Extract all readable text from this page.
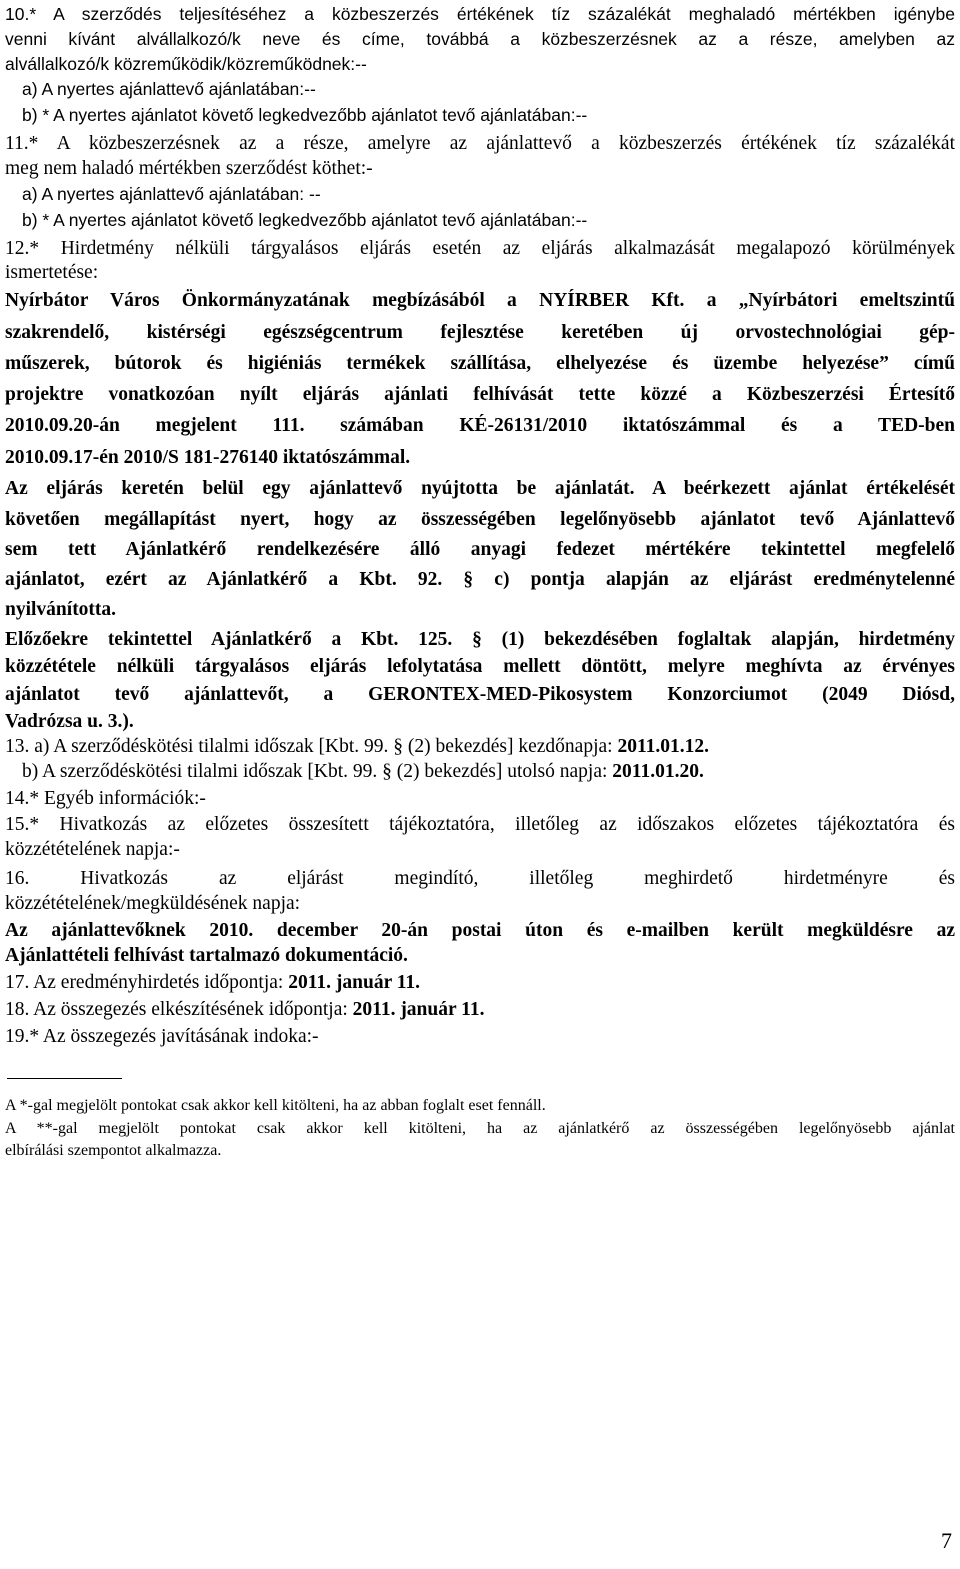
10.* A szerződés teljesítéséhez a közbeszerzés értékének tíz százalékát meghaladó mértékben igénybe
venni kívánt alvállalkozó/k neve és címe, továbbá a közbeszerzésnek az a része, amelyben az
alvállalkozó/k közreműködik/közreműködnek:--
a) A nyertes ajánlattevő ajánlatában:--
b) * A nyertes ajánlatot követő legkedvezőbb ajánlatot tevő ajánlatában:--
11.* A közbeszerzésnek az a része, amelyre az ajánlattevő a közbeszerzés értékének tíz százalékát
meg nem haladó mértékben szerződést köthet:-
a) A nyertes ajánlattevő ajánlatában: --
b) * A nyertes ajánlatot követő legkedvezőbb ajánlatot tevő ajánlatában:--
12.* Hirdetmény nélküli tárgyalásos eljárás esetén az eljárás alkalmazását megalapozó körülmények
ismertetése:
Nyírbátor Város Önkormányzatának megbízásából a NYÍRBER Kft. a „Nyírbátori emeltszintű
szakrendelő, kistérségi egészségcentrum fejlesztése keretében új orvostechnológiai gép-
műszerek, bútorok és higiéniás termékek szállítása, elhelyezése és üzembe helyezése” című
projektre vonatkozóan nyílt eljárás ajánlati felhívását tette közzé a Közbeszerzési Értesítő
2010.09.20-án megjelent 111. számában KÉ-26131/2010 iktatószámmal és a TED-ben
2010.09.17-én 2010/S 181-276140 iktatószámmal.
Az eljárás keretén belül egy ajánlattevő nyújtotta be ajánlatát. A beérkezett ajánlat értékelését
követően megállapítást nyert, hogy az összességében legelőnyösebb ajánlatot tevő Ajánlattevő
sem tett Ajánlatkérő rendelkezésére álló anyagi fedezet mértékére tekintettel megfelelő
ajánlatot, ezért az Ajánlatkérő a Kbt. 92. § c) pontja alapján az eljárást eredménytelenné
nyilvánította.
Előzőekre tekintettel Ajánlatkérő a Kbt. 125. § (1) bekezdésében foglaltak alapján, hirdetmény
közzététele nélküli tárgyalásos eljárás lefolytatása mellett döntött, melyre meghívta az érvényes
ajánlatot tevő ajánlattevőt, a GERONTEX-MED-Pikosystem Konzorciumot (2049 Diósd,
Vadrózsa u. 3.).
13. a) A szerződéskötési tilalmi időszak [Kbt. 99. § (2) bekezdés] kezdőnapja: 2011.01.12.
b) A szerződéskötési tilalmi időszak [Kbt. 99. § (2) bekezdés] utolsó napja: 2011.01.20.
14.* Egyéb információk:-
15.* Hivatkozás az előzetes összesített tájékoztatóra, illetőleg az időszakos előzetes tájékoztatóra és
közzétételének napja:-
16. Hivatkozás az eljárást megindító, illetőleg meghirdető hirdetményre és
közzétételének/megküldésének napja:
Az ajánlattevőknek 2010. december 20-án postai úton és e-mailben került megküldésre az
Ajánlattételi felhívást tartalmazó dokumentáció.
17. Az eredményhirdetés időpontja: 2011. január 11.
18. Az összegezés elkészítésének időpontja: 2011. január 11.
19.* Az összegezés javításának indoka:-
A *-gal megjelölt pontokat csak akkor kell kitölteni, ha az abban foglalt eset fennáll.
A **-gal megjelölt pontokat csak akkor kell kitölteni, ha az ajánlatkérő az összességében legelőnyösebb ajánlat
elbírálási szempontot alkalmazza.
7
